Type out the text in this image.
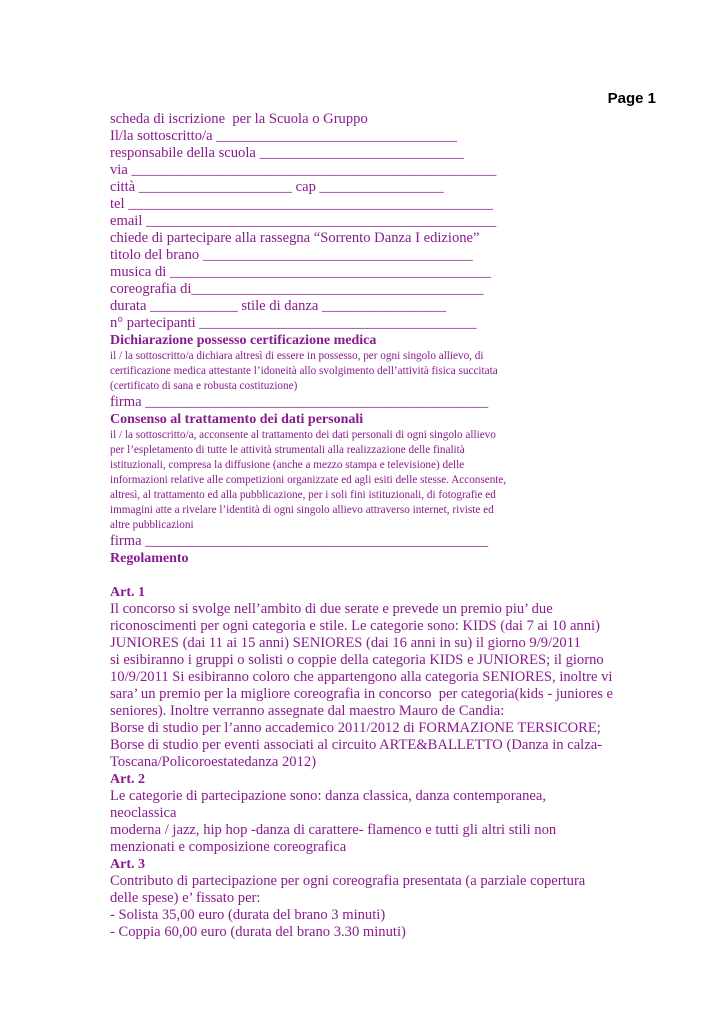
Page 1
scheda di iscrizione  per la Scuola o Gruppo
Il/la sottoscritto/a _________________________________
responsabile della scuola ____________________________
via __________________________________________________
città _____________________ cap _________________
tel __________________________________________________
email ________________________________________________
chiede di partecipare alla rassegna “Sorrento Danza I edizione”
titolo del brano _____________________________________
musica di ____________________________________________
coreografia di________________________________________
durata ____________ stile di danza _________________
n° partecipanti ______________________________________
Dichiarazione possesso certificazione medica
il / la sottoscritto/a dichiara altresì di essere in possesso, per ogni singolo allievo, di
certificazione medica attestante l’idoneità allo svolgimento dell’attività fisica succitata
(certificato di sana e robusta costituzione)
firma _______________________________________________
Consenso al trattamento dei dati personali
il / la sottoscritto/a, acconsente al trattamento dei dati personali di ogni singolo allievo
per l’espletamento di tutte le attività strumentali alla realizzazione delle finalità
istituzionali, compresa la diffusione (anche a mezzo stampa e televisione) delle
informazioni relative alle competizioni organizzate ed agli esiti delle stesse. Acconsente,
altresì, al trattamento ed alla pubblicazione, per i soli fini istituzionali, di fotografie ed
immagini atte a rivelare l’identità di ogni singolo allievo attraverso internet, riviste ed
altre pubblicazioni
firma _______________________________________________
Regolamento
Art. 1
Il concorso si svolge nell’ambito di due serate e prevede un premio piu’ due
riconoscimenti per ogni categoria e stile. Le categorie sono: KIDS (dai 7 ai 10 anni)
JUNIORES (dai 11 ai 15 anni) SENIORES (dai 16 anni in su) il giorno 9/9/2011
si esibiranno i gruppi o solisti o coppie della categoria KIDS e JUNIORES; il giorno
10/9/2011 Si esibiranno coloro che appartengono alla categoria SENIORES, inoltre vi
sara’ un premio per la migliore coreografia in concorso  per categoria(kids - juniores e
seniores). Inoltre verranno assegnate dal maestro Mauro de Candia:
Borse di studio per l’anno accademico 2011/2012 di FORMAZIONE TERSICORE;
Borse di studio per eventi associati al circuito ARTE&BALLETTO (Danza in calza-
Toscana/Policoroestatedanza 2012)
Art. 2
Le categorie di partecipazione sono: danza classica, danza contemporanea,
neoclassica
moderna / jazz, hip hop -danza di carattere- flamenco e tutti gli altri stili non
menzionati e composizione coreografica
Art. 3
Contributo di partecipazione per ogni coreografia presentata (a parziale copertura
delle spese) e’ fissato per:
- Solista 35,00 euro (durata del brano 3 minuti)
- Coppia 60,00 euro (durata del brano 3.30 minuti)
